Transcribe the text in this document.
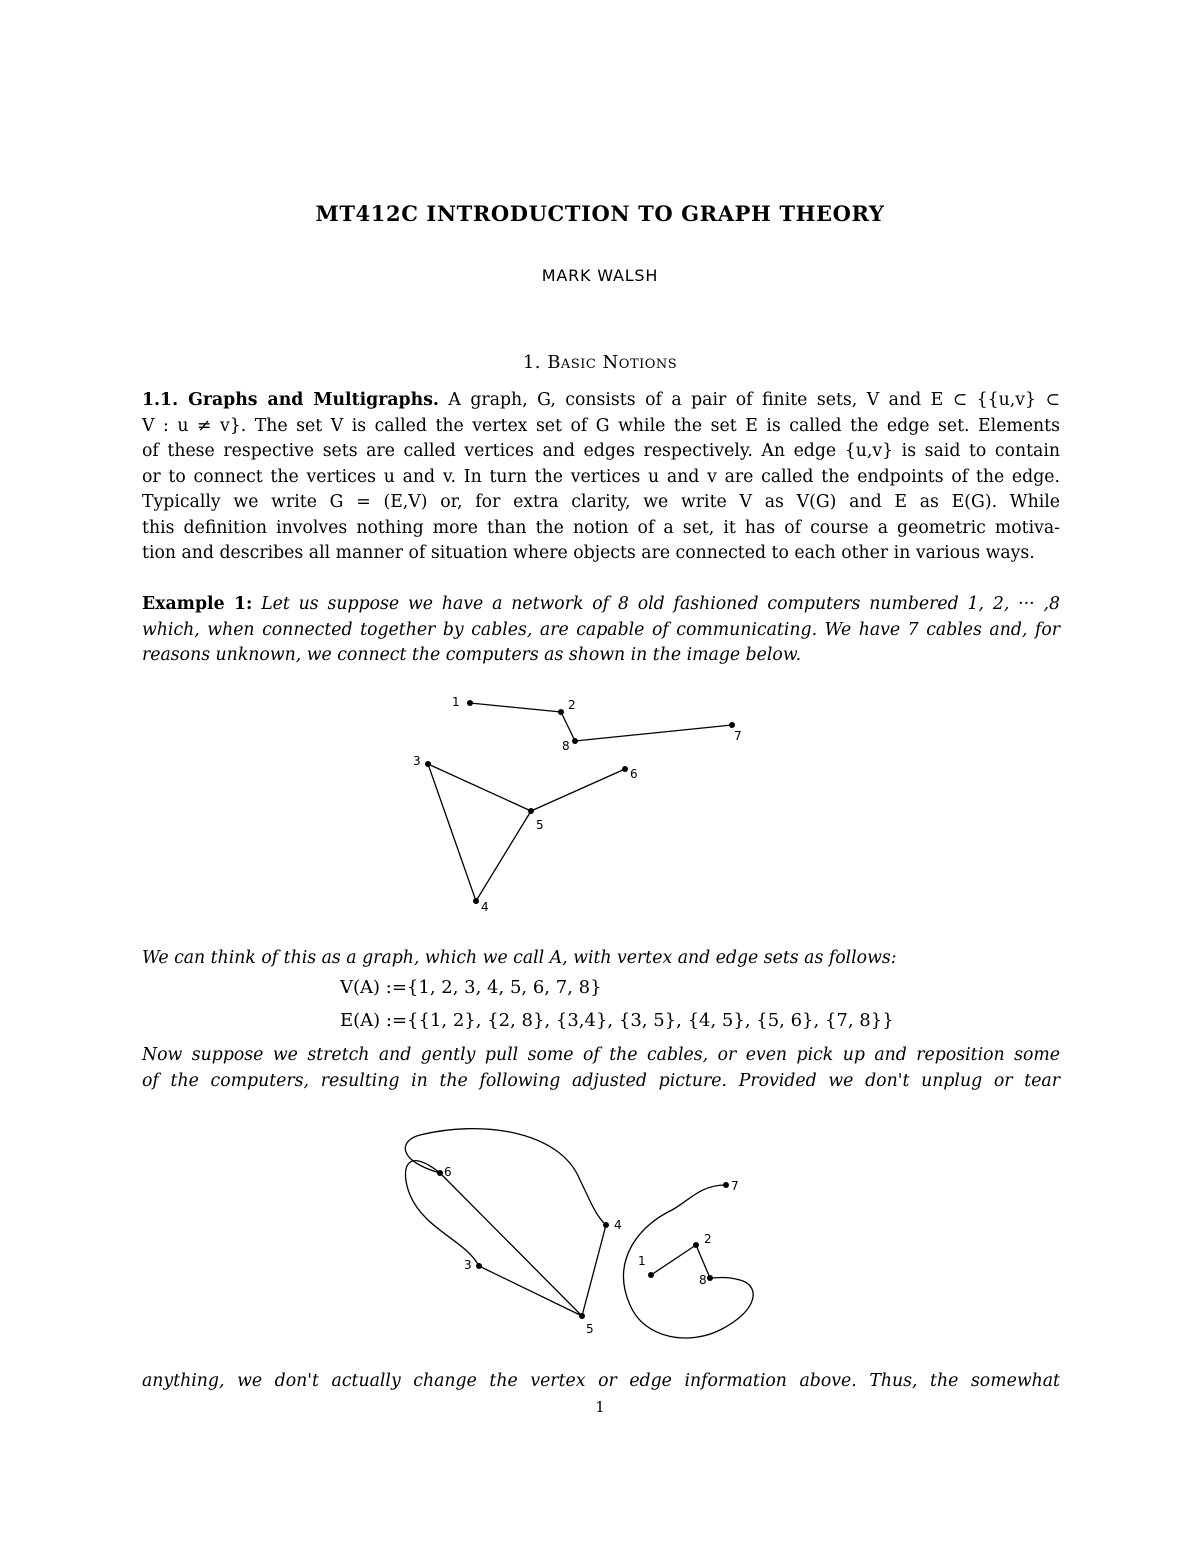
MT412C INTRODUCTION TO GRAPH THEORY
MARK WALSH
1. Basic Notions
1.1. Graphs and Multigraphs. A graph, G, consists of a pair of finite sets, V and E ⊂ {{u,v} ⊂
V : u ≠ v}. The set V is called the vertex set of G while the set E is called the edge set. Elements
of these respective sets are called vertices and edges respectively. An edge {u,v} is said to contain
or to connect the vertices u and v. In turn the vertices u and v are called the endpoints of the edge.
Typically we write G = (E,V) or, for extra clarity, we write V as V(G) and E as E(G). While
this definition involves nothing more than the notion of a set, it has of course a geometric motiva-
tion and describes all manner of situation where objects are connected to each other in various ways.
Example 1: Let us suppose we have a network of 8 old fashioned computers numbered 1, 2, ··· ,8
which, when connected together by cables, are capable of communicating. We have 7 cables and, for
reasons unknown, we connect the computers as shown in the image below.
1	2
8
7
3
6
5
4
We can think of this as a graph, which we call A, with vertex and edge sets as follows:
V(A) :={1, 2, 3, 4, 5, 6, 7, 8}
E(A) :={{1, 2}, {2, 8}, {3,4}, {3, 5}, {4, 5}, {5, 6}, {7, 8}}
Now suppose we stretch and gently pull some of the cables, or even pick up and reposition some
of the computers, resulting in the following adjusted picture. Provided we don't unplug or tear
6
4
3
5
7
2
1
8
anything, we don't actually change the vertex or edge information above. Thus, the somewhat
1
